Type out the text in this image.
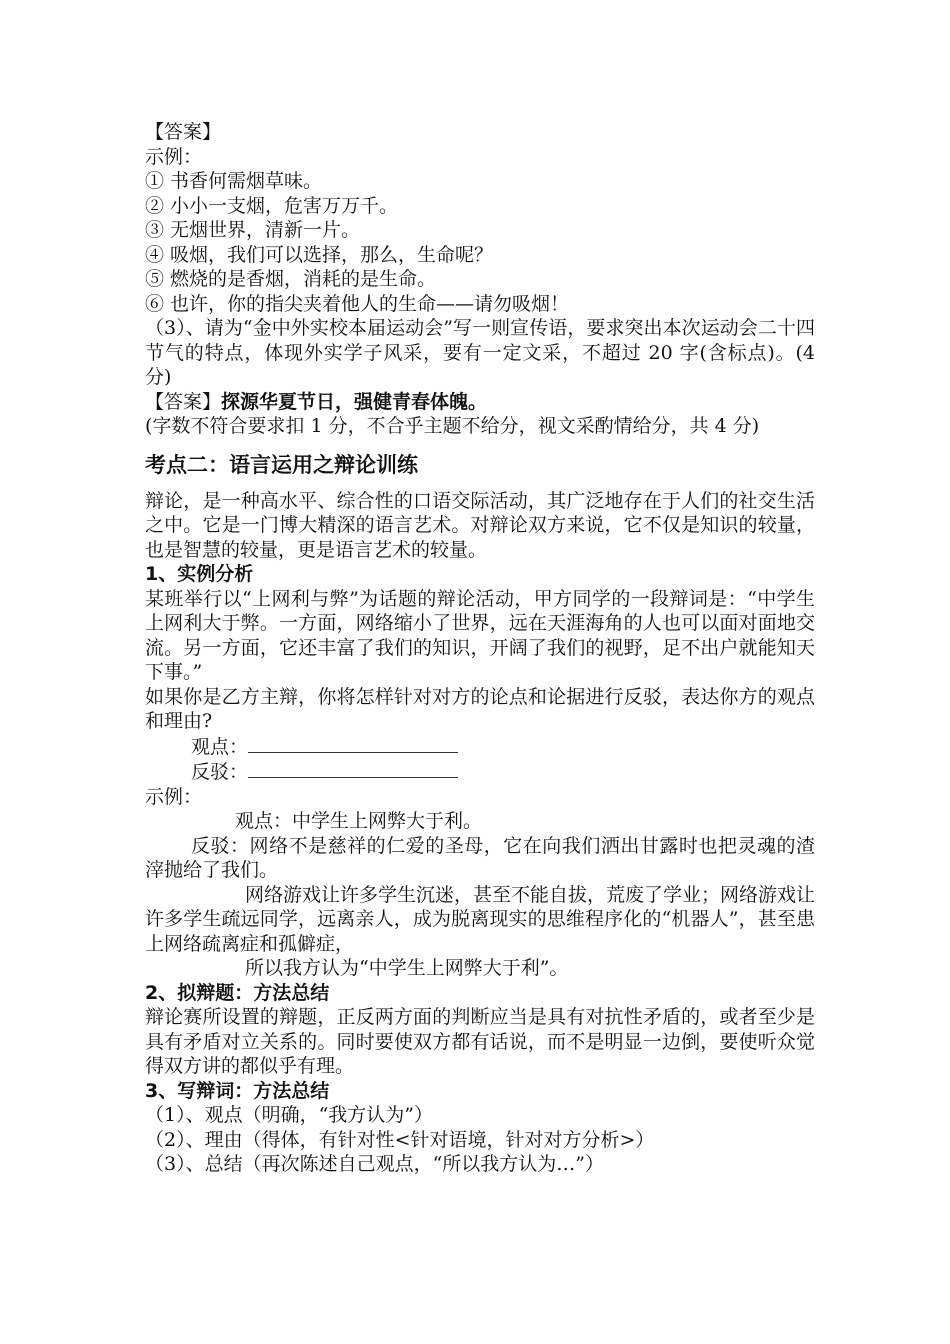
【答案】
示例：
① 书香何需烟草味。
② 小小一支烟，危害万万千。
③ 无烟世界，清新一片。
④ 吸烟，我们可以选择，那么，生命呢？
⑤ 燃烧的是香烟，消耗的是生命。
⑥ 也许，你的指尖夹着他人的生命——请勿吸烟！
（3）、请为“金中外实校本届运动会”写一则宣传语，要求突出本次运动会二十四节气的特点，体现外实学子风采，要有一定文采，不超过 20 字(含标点)。(4 分)
【答案】探源华夏节日，强健青春体魄。
(字数不符合要求扣 1 分，不合乎主题不给分，视文采酌情给分，共 4 分)
考点二：语言运用之辩论训练
辩论，是一种高水平、综合性的口语交际活动，其广泛地存在于人们的社交生活之中。它是一门博大精深的语言艺术。对辩论双方来说，它不仅是知识的较量，也是智慧的较量，更是语言艺术的较量。
1、实例分析
某班举行以“上网利与弊”为话题的辩论活动，甲方同学的一段辩词是：“中学生上网利大于弊。一方面，网络缩小了世界，远在天涯海角的人也可以面对面地交流。另一方面，它还丰富了我们的知识，开阔了我们的视野，足不出户就能知天下事。”
如果你是乙方主辩，你将怎样针对对方的论点和论据进行反驳，表达你方的观点和理由?
观点：
反驳：
示例：
观点：中学生上网弊大于利。
反驳：网络不是慈祥的仁爱的圣母，它在向我们洒出甘露时也把灵魂的渣滓抛给了我们。
网络游戏让许多学生沉迷，甚至不能自拔，荒废了学业；网络游戏让许多学生疏远同学，远离亲人，成为脱离现实的思维程序化的“机器人”，甚至患上网络疏离症和孤僻症，
所以我方认为“中学生上网弊大于利”。
2、拟辩题：方法总结
辩论赛所设置的辩题，正反两方面的判断应当是具有对抗性矛盾的，或者至少是具有矛盾对立关系的。同时要使双方都有话说，而不是明显一边倒，要使听众觉得双方讲的都似乎有理。
3、写辩词：方法总结
（1）、观点（明确，“我方认为”）
（2）、理由（得体，有针对性<针对语境，针对对方分析>）
（3）、总结（再次陈述自己观点，“所以我方认为…”）
